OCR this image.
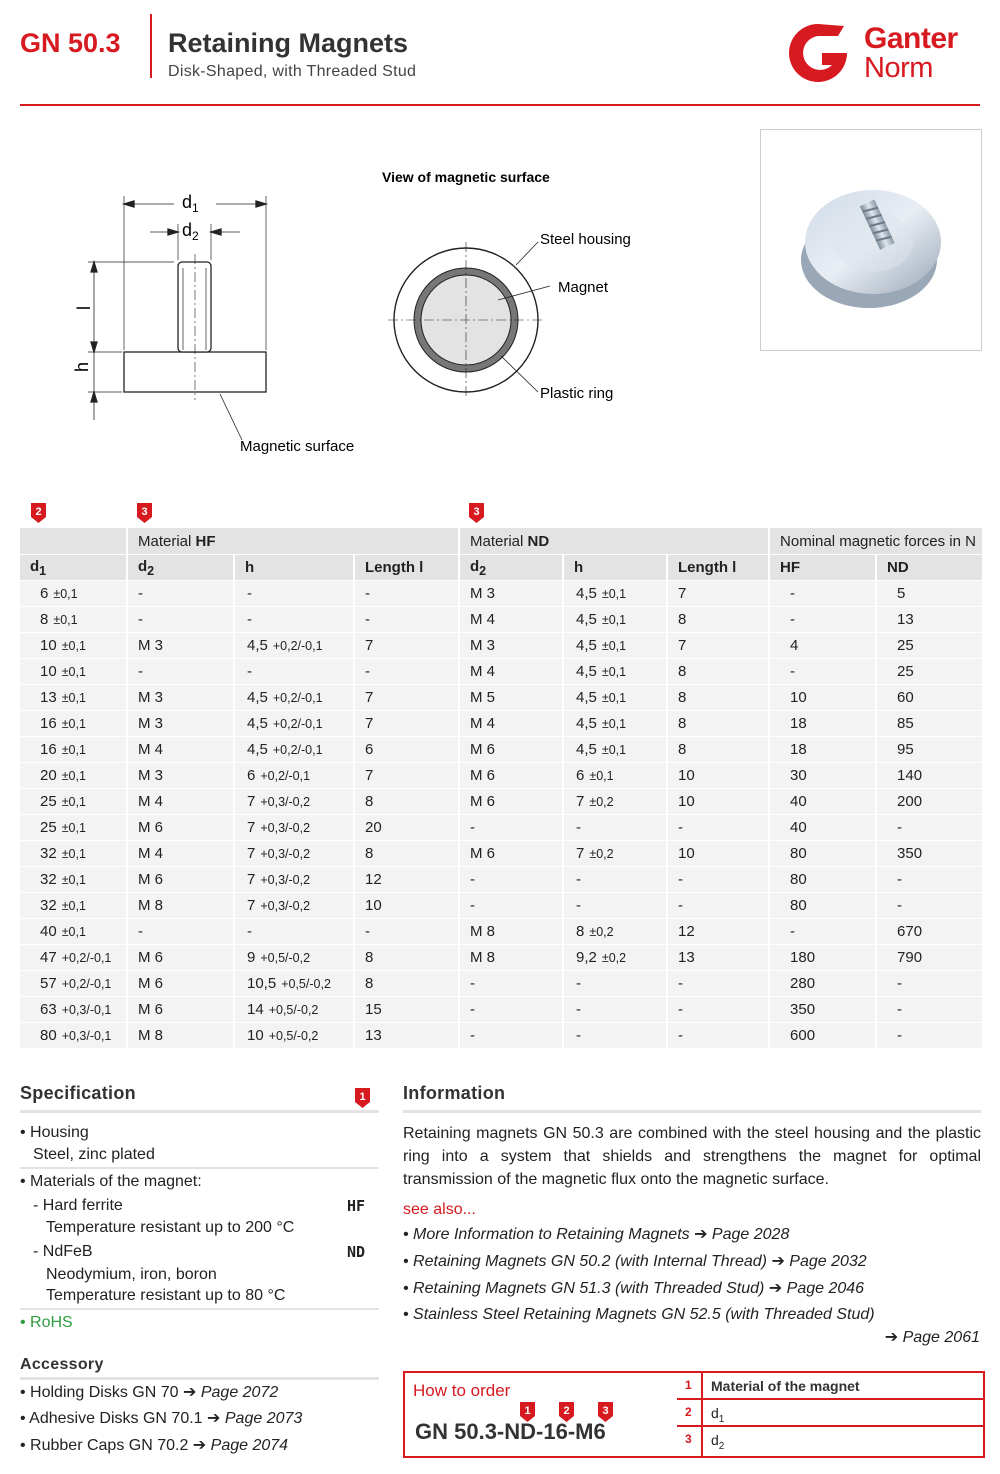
GN 50.3 Retaining Magnets
Disk-Shaped, with Threaded Stud
Ganter
Norm
$d_1$
$d_2$
l
h
Magnetic surface
View of magnetic surface
Steel housing
Magnet
Plastic ring
2	3	3
	Material HF			Material ND			Nominal magnetic forces in N	
$d_1$	$d_2$	h	Length l	$d_2$	h	Length l	HF	ND
6 ±0,1	-	-	-	M 3	4,5 ±0,1	7	-	5
8 ±0,1	-	-	-	M 4	4,5 ±0,1	8	-	13
10 ±0,1	M 3	4,5 +0,2/-0,1	7	M 3	4,5 ±0,1	7	4	25
10 ±0,1	-	-	-	M 4	4,5 ±0,1	8	-	25
13 ±0,1	M 3	4,5 +0,2/-0,1	7	M 5	4,5 ±0,1	8	10	60
16 ±0,1	M 3	4,5 +0,2/-0,1	7	M 4	4,5 ±0,1	8	18	85
16 ±0,1	M 4	4,5 +0,2/-0,1	6	M 6	4,5 ±0,1	8	18	95
20 ±0,1	M 3	6 +0,2/-0,1	7	M 6	6 ±0,1	10	30	140
25 ±0,1	M 4	7 +0,3/-0,2	8	M 6	7 ±0,2	10	40	200
25 ±0,1	M 6	7 +0,3/-0,2	20	-	-	-	40	-
32 ±0,1	M 4	7 +0,3/-0,2	8	M 6	7 ±0,2	10	80	350
32 ±0,1	M 6	7 +0,3/-0,2	12	-	-	-	80	-
32 ±0,1	M 8	7 +0,3/-0,2	10	-	-	-	80	-
40 ±0,1	-	-	-	M 8	8 ±0,2	12	-	670
47 +0,2/-0,1	M 6	9 +0,5/-0,2	8	M 8	9,2 ±0,2	13	180	790
57 +0,2/-0,1	M 6	10,5 +0,5/-0,2	8	-	-	-	280	-
63 +0,3/-0,1	M 6	14 +0,5/-0,2	15	-	-	-	350	-
80 +0,3/-0,1	M 8	10 +0,5/-0,2	13	-	-	-	600	-
Specification	1
• Housing
Steel, zinc plated
• Materials of the magnet:
- Hard ferrite	HF
Temperature resistant up to 200 °C
- NdFeB	ND
Neodymium, iron, boron
Temperature resistant up to 80 °C
• RoHS
Accessory
• Holding Disks GN 70 ➔ Page 2072
• Adhesive Disks GN 70.1 ➔ Page 2073
• Rubber Caps GN 70.2 ➔ Page 2074
Information
Retaining magnets GN 50.3 are combined with the steel housing and the plastic ring into a system that shields and strengthens the magnet for optimal transmission of the magnetic flux onto the magnetic surface.
see also...
• More Information to Retaining Magnets ➔ Page 2028
• Retaining Magnets GN 50.2 (with Internal Thread) ➔ Page 2032
• Retaining Magnets GN 51.3 (with Threaded Stud) ➔ Page 2046
• Stainless Steel Retaining Magnets GN 52.5 (with Threaded Stud)
➔ Page 2061
How to order
1	2	3
GN 50.3-ND-16-M6
1 Material of the magnet
2 $d_1$
3 $d_2$
